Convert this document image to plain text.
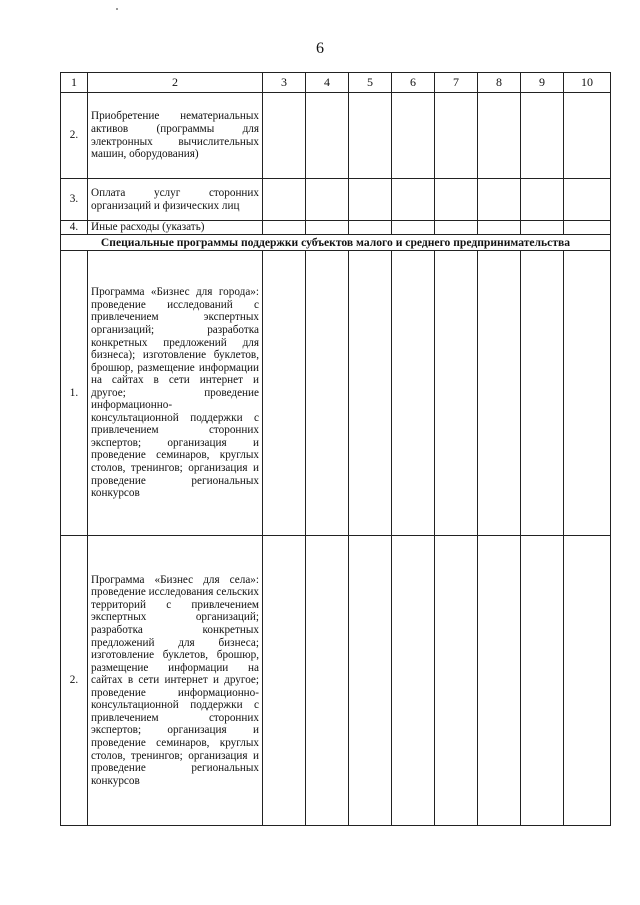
6
1	2	3	4	5	6	7	8	9	10
2.	Приобретение нематериальных активов (программы для электронных вычислительных машин, оборудования)								
3.	Оплата услуг сторонних организаций и физических лиц								
4.	Иные расходы (указать)								
Специальные программы поддержки субъектов малого и среднего предпринимательства									
1.	Программа «Бизнес для города»: проведение исследований с привлечением экспертных организаций; разработка конкретных предложений для бизнеса); изготовление буклетов, брошюр, размещение информации на сайтах в сети интернет и другое; проведение информационно-консультационной поддержки с привлечением сторонних экспертов; организация и проведение семинаров, круглых столов, тренингов; организация и проведение региональных конкурсов								
2.	Программа «Бизнес для села»: проведение исследования сельских территорий с привлечением экспертных организаций; разработка конкретных предложений для бизнеса; изготовление буклетов, брошюр, размещение информации на сайтах в сети интернет и другое; проведение информационно-консультационной поддержки с привлечением сторонних экспертов; организация и проведение семинаров, круглых столов, тренингов; организация и проведение региональных конкурсов								
